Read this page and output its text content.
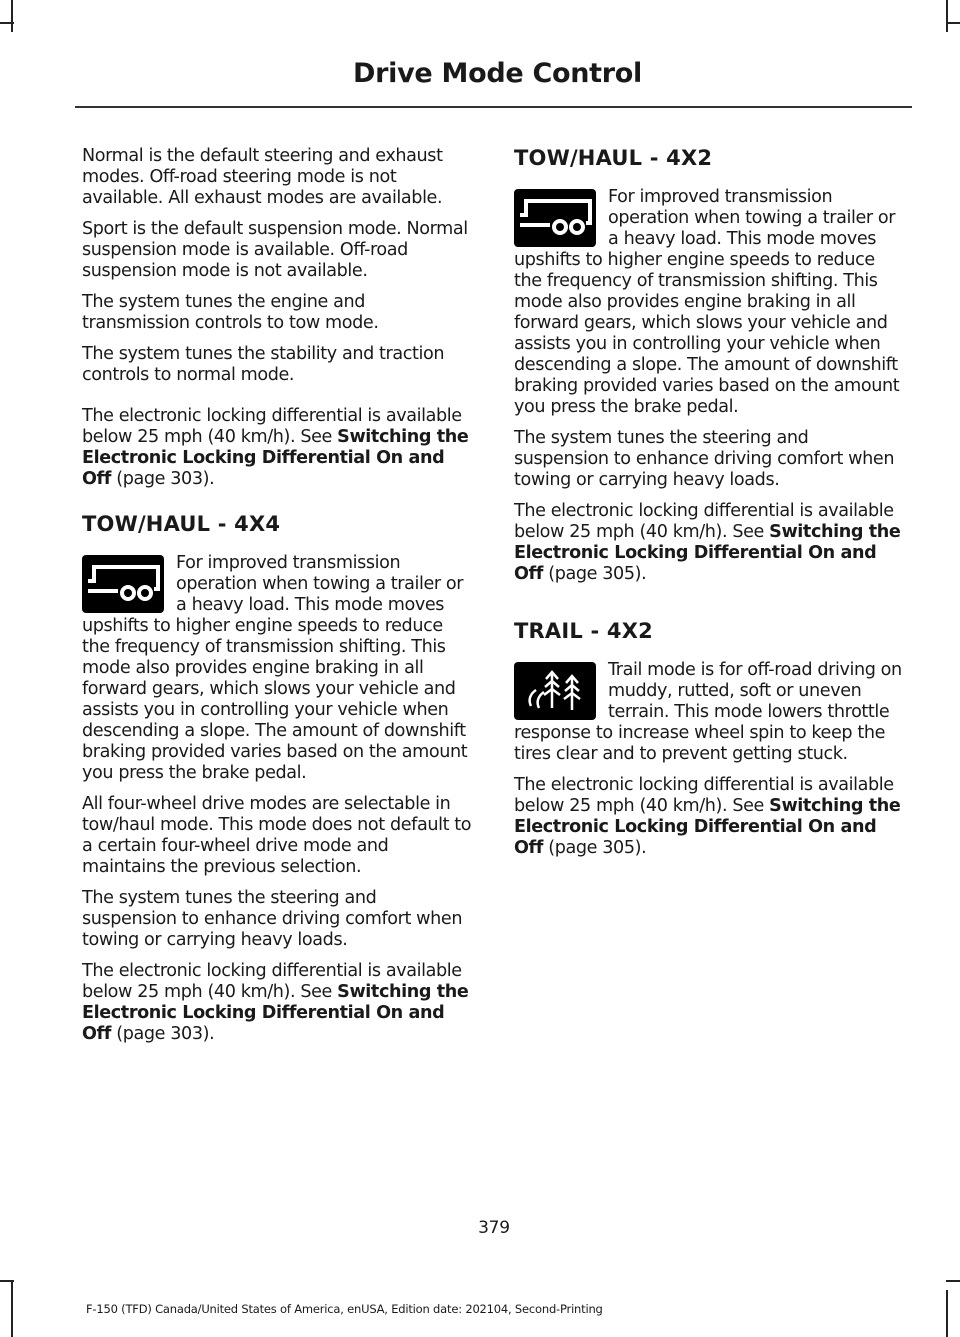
Drive Mode Control

Normal is the default steering and exhaust modes. Off-road steering mode is not available. All exhaust modes are available.

Sport is the default suspension mode. Normal suspension mode is available. Off-road suspension mode is not available.

The system tunes the engine and transmission controls to tow mode.

The system tunes the stability and traction controls to normal mode.

The electronic locking differential is available below 25 mph (40 km/h). See Switching the Electronic Locking Differential On and Off (page 303).

TOW/HAUL - 4X4

For improved transmission operation when towing a trailer or a heavy load. This mode moves upshifts to higher engine speeds to reduce the frequency of transmission shifting. This mode also provides engine braking in all forward gears, which slows your vehicle and assists you in controlling your vehicle when descending a slope. The amount of downshift braking provided varies based on the amount you press the brake pedal.

All four-wheel drive modes are selectable in tow/haul mode. This mode does not default to a certain four-wheel drive mode and maintains the previous selection.

The system tunes the steering and suspension to enhance driving comfort when towing or carrying heavy loads.

The electronic locking differential is available below 25 mph (40 km/h). See Switching the Electronic Locking Differential On and Off (page 303).

TOW/HAUL - 4X2

For improved transmission operation when towing a trailer or a heavy load. This mode moves upshifts to higher engine speeds to reduce the frequency of transmission shifting. This mode also provides engine braking in all forward gears, which slows your vehicle and assists you in controlling your vehicle when descending a slope. The amount of downshift braking provided varies based on the amount you press the brake pedal.

The system tunes the steering and suspension to enhance driving comfort when towing or carrying heavy loads.

The electronic locking differential is available below 25 mph (40 km/h). See Switching the Electronic Locking Differential On and Off (page 305).

TRAIL - 4X2

Trail mode is for off-road driving on muddy, rutted, soft or uneven terrain. This mode lowers throttle response to increase wheel spin to keep the tires clear and to prevent getting stuck.

The electronic locking differential is available below 25 mph (40 km/h). See Switching the Electronic Locking Differential On and Off (page 305).

379
F-150 (TFD) Canada/United States of America, enUSA, Edition date: 202104, Second-Printing
